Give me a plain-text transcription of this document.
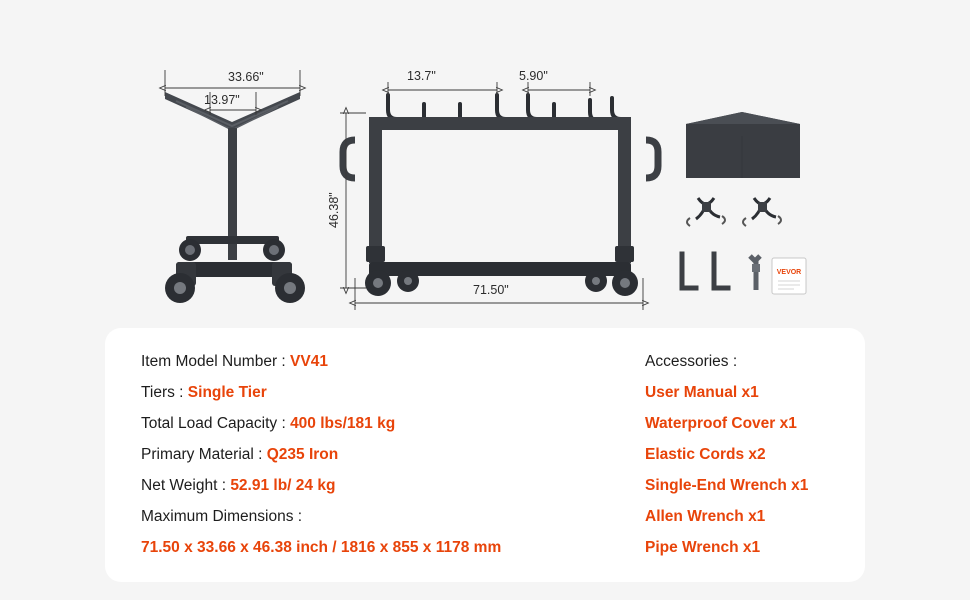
VEVOR
33.66"
13.97"
13.7"	5.90"
46.38"
71.50"
Item Model Number : VV41
Tiers : Single Tier
Total Load Capacity : 400 lbs/181 kg
Primary Material : Q235 Iron
Net Weight : 52.91 lb/ 24 kg
Maximum Dimensions :
71.50 x 33.66 x 46.38 inch / 1816 x 855 x 1178 mm
Accessories :
User Manual x1
Waterproof Cover x1
Elastic Cords x2
Single-End Wrench x1
Allen Wrench x1
Pipe Wrench x1
